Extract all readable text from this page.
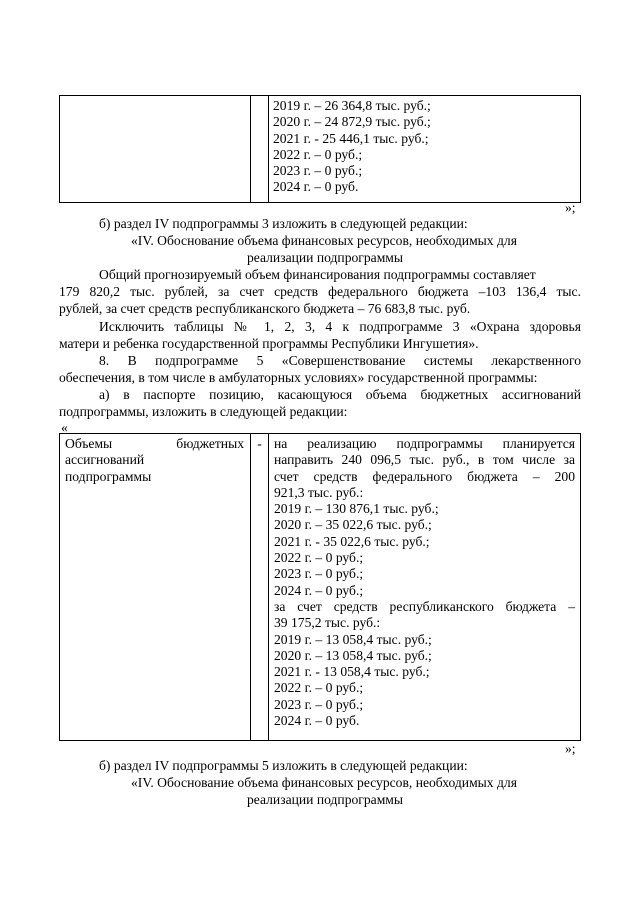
2019 г. – 26 364,8 тыс. руб.;
2020 г. – 24 872,9 тыс. руб.;
2021 г. - 25 446,1 тыс. руб.;
2022 г. – 0 руб.;
2023 г. – 0 руб.;
2024 г. – 0 руб.
»;
б) раздел IV подпрограммы 3 изложить в следующей редакции:
«IV. Обоснование объема финансовых ресурсов, необходимых для
реализации подпрограммы
Общий прогнозируемый объем финансирования подпрограммы составляет
179 820,2 тыс. рублей, за счет средств федерального бюджета –103 136,4 тыс.
рублей, за счет средств республиканского бюджета – 76 683,8 тыс. руб.
Исключить таблицы № 1, 2, 3, 4 к подпрограмме 3 «Охрана здоровья
матери и ребенка государственной программы Республики Ингушетия».
8. В подпрограмме 5 «Совершенствование системы лекарственного
обеспечения, в том числе в амбулаторных условиях» государственной программы:
а) в паспорте позицию, касающуюся объема бюджетных ассигнований
подпрограммы, изложить в следующей редакции:
«
Объемы бюджетных
ассигнований
подпрограммы

-	на реализацию подпрограммы планируется
направить 240 096,5 тыс. руб., в том числе за
счет средств федерального бюджета – 200
921,3 тыс. руб.:
2019 г. – 130 876,1 тыс. руб.;
2020 г. – 35 022,6 тыс. руб.;
2021 г. - 35 022,6 тыс. руб.;
2022 г. – 0 руб.;
2023 г. – 0 руб.;
2024 г. – 0 руб.;
за счет средств республиканского бюджета –
39 175,2 тыс. руб.:
2019 г. – 13 058,4 тыс. руб.;
2020 г. – 13 058,4 тыс. руб.;
2021 г. - 13 058,4 тыс. руб.;
2022 г. – 0 руб.;
2023 г. – 0 руб.;
2024 г. – 0 руб.
»;
б) раздел IV подпрограммы 5 изложить в следующей редакции:
«IV. Обоснование объема финансовых ресурсов, необходимых для
реализации подпрограммы
